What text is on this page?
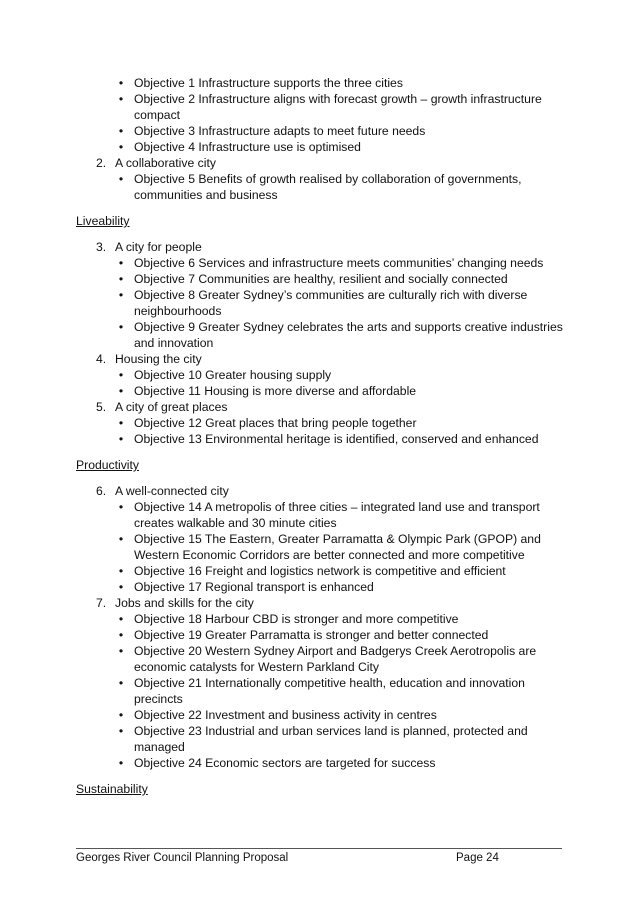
• Objective 1 Infrastructure supports the three cities
• Objective 2 Infrastructure aligns with forecast growth – growth infrastructure compact
• Objective 3 Infrastructure adapts to meet future needs
• Objective 4 Infrastructure use is optimised
2. A collaborative city
• Objective 5 Benefits of growth realised by collaboration of governments, communities and business
Liveability
3. A city for people
• Objective 6 Services and infrastructure meets communities’ changing needs
• Objective 7 Communities are healthy, resilient and socially connected
• Objective 8 Greater Sydney’s communities are culturally rich with diverse neighbourhoods
• Objective 9 Greater Sydney celebrates the arts and supports creative industries and innovation
4. Housing the city
• Objective 10 Greater housing supply
• Objective 11 Housing is more diverse and affordable
5. A city of great places
• Objective 12 Great places that bring people together
• Objective 13 Environmental heritage is identified, conserved and enhanced
Productivity
6. A well-connected city
• Objective 14 A metropolis of three cities – integrated land use and transport creates walkable and 30 minute cities
• Objective 15 The Eastern, Greater Parramatta & Olympic Park (GPOP) and Western Economic Corridors are better connected and more competitive
• Objective 16 Freight and logistics network is competitive and efficient
• Objective 17 Regional transport is enhanced
7. Jobs and skills for the city
• Objective 18 Harbour CBD is stronger and more competitive
• Objective 19 Greater Parramatta is stronger and better connected
• Objective 20 Western Sydney Airport and Badgerys Creek Aerotropolis are economic catalysts for Western Parkland City
• Objective 21 Internationally competitive health, education and innovation precincts
• Objective 22 Investment and business activity in centres
• Objective 23 Industrial and urban services land is planned, protected and managed
• Objective 24 Economic sectors are targeted for success
Sustainability
Georges River Council Planning Proposal	Page 24
